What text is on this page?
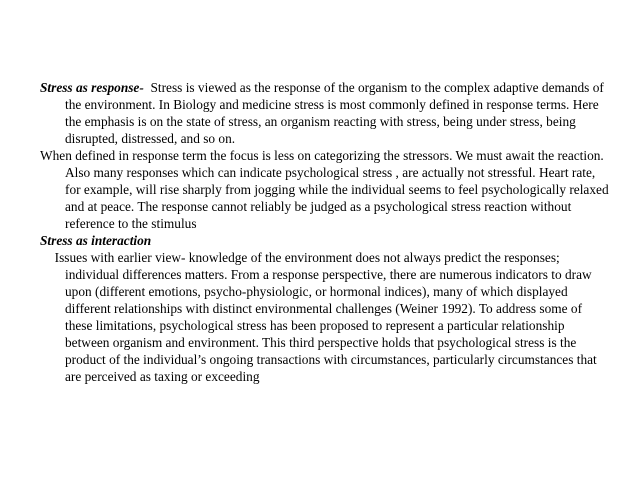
Stress as response- Stress is viewed as the response of the organism to the complex adaptive demands of the environment. In Biology and medicine stress is most commonly defined in response terms. Here the emphasis is on the state of stress, an organism reacting with stress, being under stress, being disrupted, distressed, and so on.

When defined in response term the focus is less on categorizing the stressors. We must await the reaction. Also many responses which can indicate psychological stress , are actually not stressful. Heart rate, for example, will rise sharply from jogging while the individual seems to feel psychologically relaxed and at peace. The response cannot reliably be judged as a psychological stress reaction without reference to the stimulus

Stress as interaction

Issues with earlier view- knowledge of the environment does not always predict the responses; individual differences matters. From a response perspective, there are numerous indicators to draw upon (different emotions, psycho-physiologic, or hormonal indices), many of which displayed different relationships with distinct environmental challenges (Weiner 1992). To address some of these limitations, psychological stress has been proposed to represent a particular relationship between organism and environment. This third perspective holds that psychological stress is the product of the individual’s ongoing transactions with circumstances, particularly circumstances that are perceived as taxing or exceeding
